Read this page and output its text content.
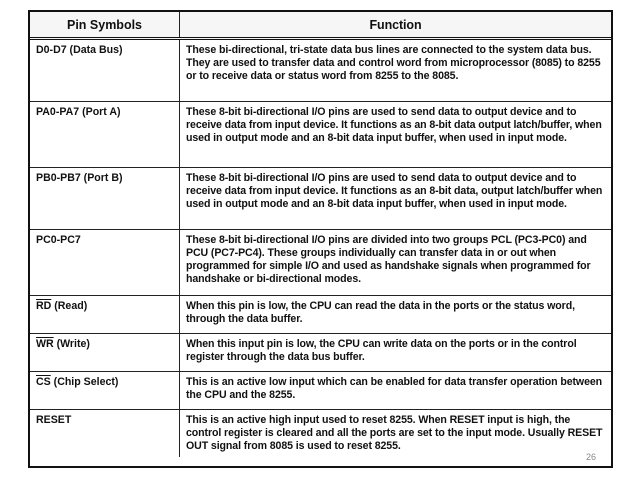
Pin Symbols	Function
D0-D7 (Data Bus)	These bi-directional, tri-state data bus lines are connected to the system data bus. They are used to transfer data and control word from microprocessor (8085) to 8255 or to receive data or status word from 8255 to the 8085.
PA0-PA7 (Port A)	These 8-bit bi-directional I/O pins are used to send data to output device and to receive data from input device. It functions as an 8-bit data output latch/buffer, when used in output mode and an 8-bit data input buffer, when used in input mode.
PB0-PB7 (Port B)	These 8-bit bi-directional I/O pins are used to send data to output device and to receive data from input device. It functions as an 8-bit data, output latch/buffer when used in output mode and an 8-bit data input buffer, when used in input mode.
PC0-PC7	These 8-bit bi-directional I/O pins are divided into two groups PCL (PC3-PC0) and PCU (PC7-PC4). These groups individually can transfer data in or out when programmed for simple I/O and used as handshake signals when programmed for handshake or bi-directional modes.
$\overline{RD}$ (Read)	When this pin is low, the CPU can read the data in the ports or the status word, through the data buffer.
$\overline{WR}$ (Write)	When this input pin is low, the CPU can write data on the ports or in the control register through the data bus buffer.
$\overline{CS}$ (Chip Select)	This is an active low input which can be enabled for data transfer operation between the CPU and the 8255.
RESET	This is an active high input used to reset 8255. When RESET input is high, the control register is cleared and all the ports are set to the input mode. Usually RESET OUT signal from 8085 is used to reset 8255.
26
